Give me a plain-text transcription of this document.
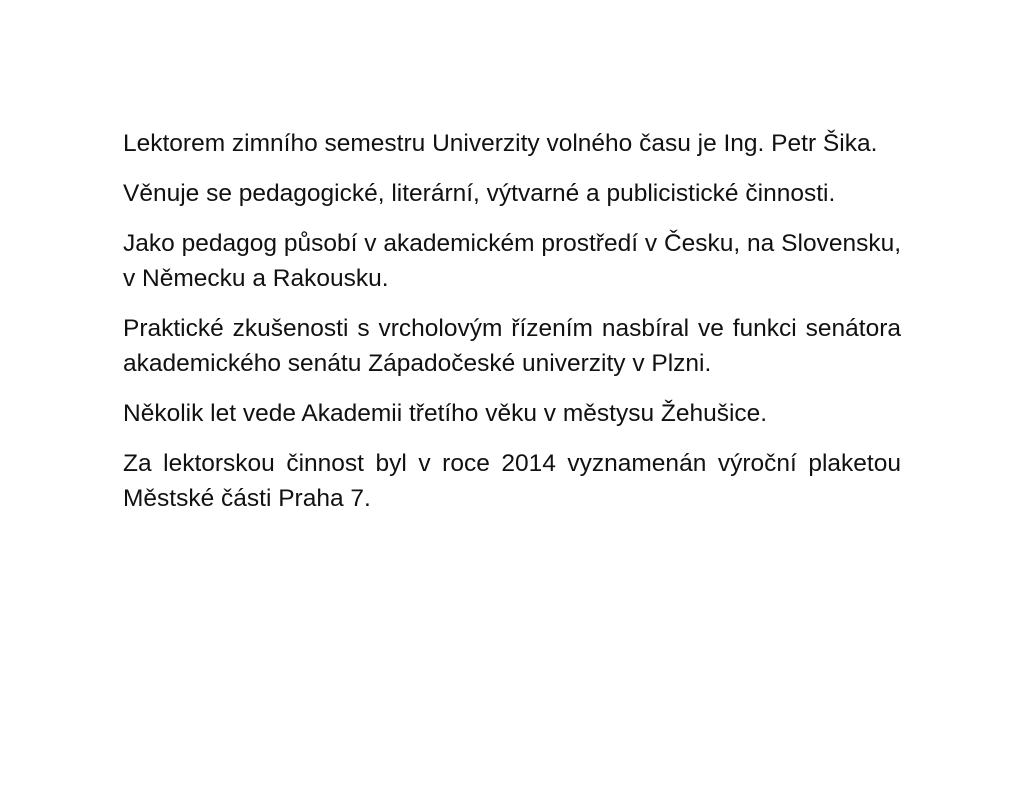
Lektorem zimního semestru Univerzity volného času je Ing. Petr Šika.

Věnuje se pedagogické, literární, výtvarné a publicistické činnosti.

Jako pedagog působí v akademickém prostředí v Česku, na Slovensku, v Německu a Rakousku.

Praktické zkušenosti s vrcholovým řízením nasbíral ve funkci senátora akademického senátu Západočeské univerzity v Plzni.

Několik let vede Akademii třetího věku v městysu Žehušice.

Za lektorskou činnost byl v roce 2014 vyznamenán výroční plaketou Městské části Praha 7.
